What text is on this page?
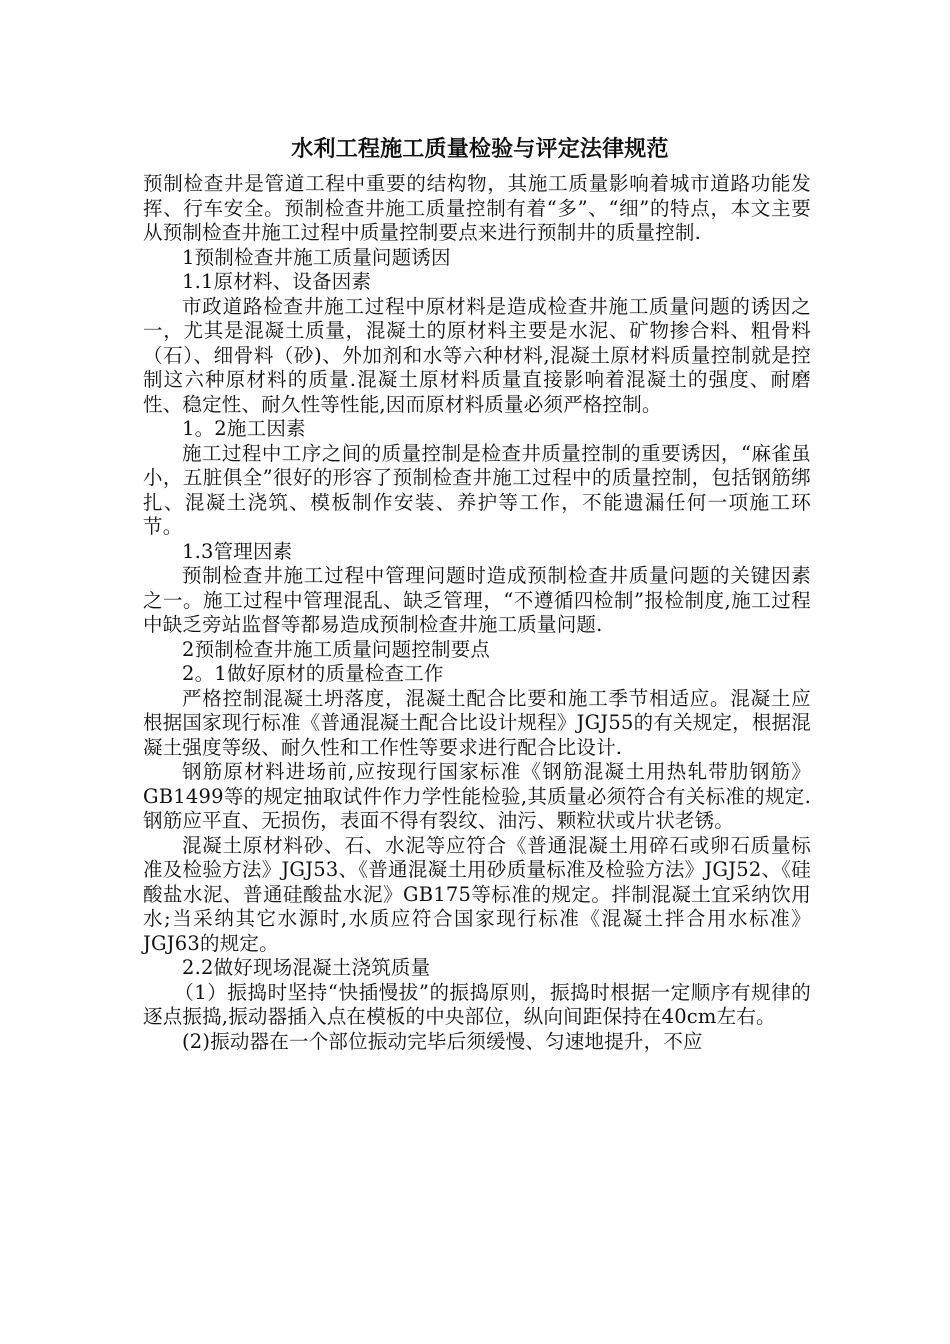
水利工程施工质量检验与评定法律规范

预制检查井是管道工程中重要的结构物，其施工质量影响着城市道路功能发挥、行车安全。预制检查井施工质量控制有着“多”、“细”的特点，本文主要从预制检查井施工过程中质量控制要点来进行预制井的质量控制.

1预制检查井施工质量问题诱因

1.1原材料、设备因素

市政道路检查井施工过程中原材料是造成检查井施工质量问题的诱因之一，尤其是混凝土质量，混凝土的原材料主要是水泥、矿物掺合料、粗骨料（石）、细骨料（砂)、外加剂和水等六种材料,混凝土原材料质量控制就是控制这六种原材料的质量.混凝土原材料质量直接影响着混凝土的强度、耐磨性、稳定性、耐久性等性能,因而原材料质量必须严格控制。

1。2施工因素

施工过程中工序之间的质量控制是检查井质量控制的重要诱因，“麻雀虽小，五脏俱全”很好的形容了预制检查井施工过程中的质量控制，包括钢筋绑扎、混凝土浇筑、模板制作安装、养护等工作，不能遗漏任何一项施工环节。

1.3管理因素

预制检查井施工过程中管理问题时造成预制检查井质量问题的关键因素之一。施工过程中管理混乱、缺乏管理，“不遵循四检制”报检制度,施工过程中缺乏旁站监督等都易造成预制检查井施工质量问题.

2预制检查井施工质量问题控制要点

2。1做好原材的质量检查工作

严格控制混凝土坍落度，混凝土配合比要和施工季节相适应。混凝土应根据国家现行标准《普通混凝土配合比设计规程》JGJ55的有关规定，根据混凝土强度等级、耐久性和工作性等要求进行配合比设计.

钢筋原材料进场前,应按现行国家标准《钢筋混凝土用热轧带肋钢筋》GB1499等的规定抽取试件作力学性能检验,其质量必须符合有关标准的规定.钢筋应平直、无损伤，表面不得有裂纹、油污、颗粒状或片状老锈。

混凝土原材料砂、石、水泥等应符合《普通混凝土用碎石或卵石质量标准及检验方法》JGJ53、《普通混凝土用砂质量标准及检验方法》JGJ52、《硅酸盐水泥、普通硅酸盐水泥》GB175等标准的规定。拌制混凝土宜采纳饮用水;当采纳其它水源时,水质应符合国家现行标准《混凝土拌合用水标准》JGJ63的规定。

2.2做好现场混凝土浇筑质量

（1）振捣时坚持“快插慢拔”的振捣原则，振捣时根据一定顺序有规律的逐点振捣,振动器插入点在模板的中央部位，纵向间距保持在40cm左右。

(2)振动器在一个部位振动完毕后须缓慢、匀速地提升，不应
